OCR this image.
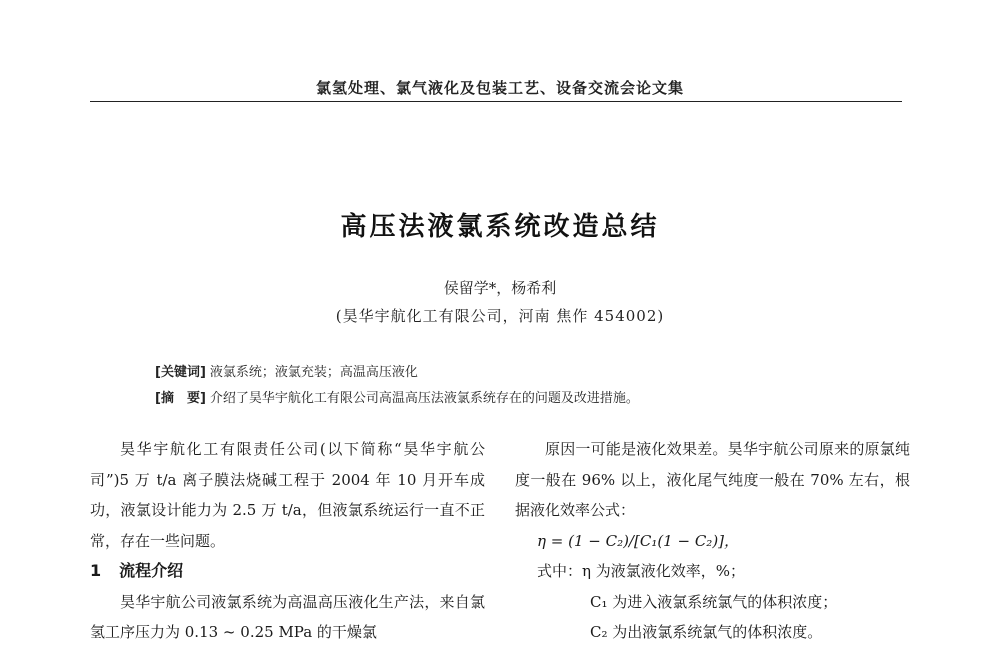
氯氢处理、氯气液化及包装工艺、设备交流会论文集
高压法液氯系统改造总结
侯留学*，杨希利
(昊华宇航化工有限公司，河南 焦作 454002)
[关键词] 液氯系统；液氯充装；高温高压液化
[摘　要] 介绍了昊华宇航化工有限公司高温高压法液氯系统存在的问题及改进措施。

昊华宇航化工有限责任公司(以下简称“昊华宇航公司”)5 万 t/a 离子膜法烧碱工程于 2004 年 10 月开车成功，液氯设计能力为 2.5 万 t/a，但液氯系统运行一直不正常，存在一些问题。

1 流程介绍

昊华宇航公司液氯系统为高温高压液化生产法，来自氯氢工序压力为 0.13 ~ 0.25 MPa 的干燥氯

原因一可能是液化效果差。昊华宇航公司原来的原氯纯度一般在 96% 以上，液化尾气纯度一般在 70% 左右，根据液化效率公式：

η = (1 − C₂)/[C₁(1 − C₂)]，

式中：η 为液氯液化效率，%；

C₁ 为进入液氯系统氯气的体积浓度；

C₂ 为出液氯系统氯气的体积浓度。
